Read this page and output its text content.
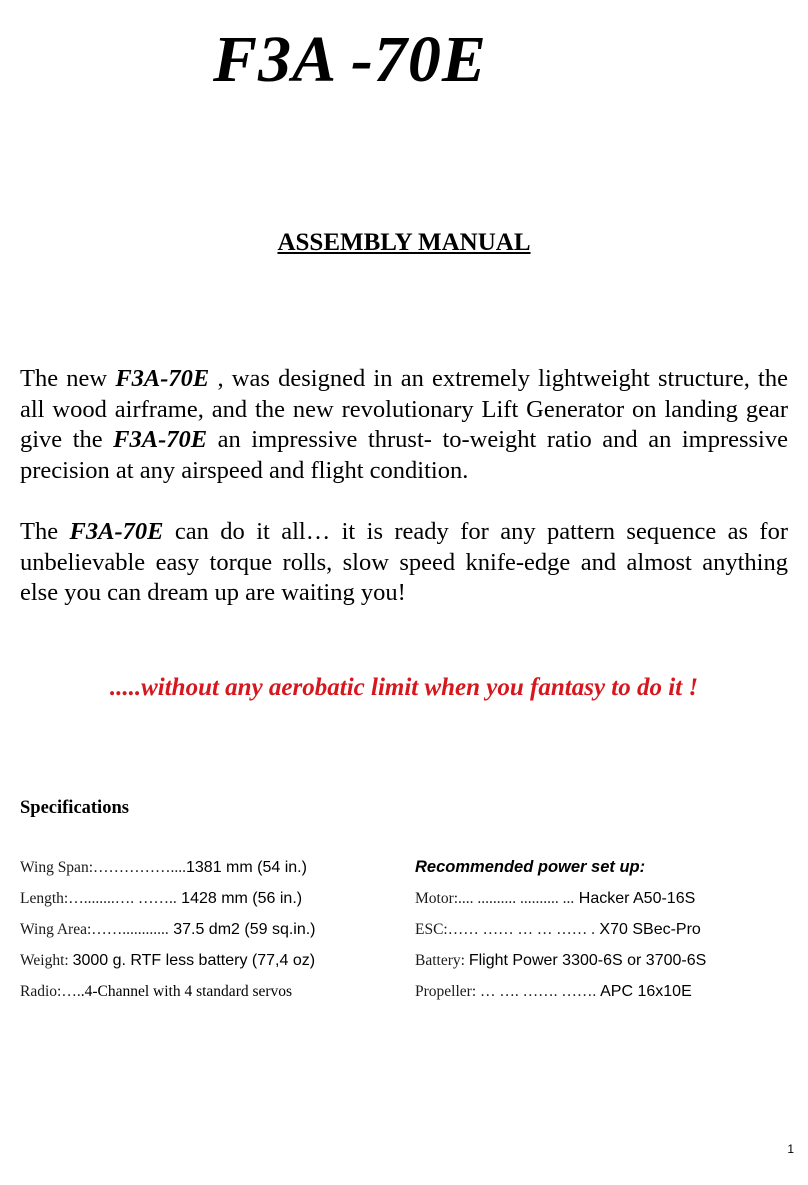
F3A -70E
ASSEMBLY MANUAL

The new F3A-70E , was designed in an extremely lightweight structure, the all wood airframe, and the new revolutionary Lift Generator on landing gear give the F3A-70E an impressive thrust- to-weight ratio and an impressive precision at any airspeed and flight condition.

The F3A-70E can do it all… it is ready for any pattern sequence as for unbelievable easy torque rolls, slow speed knife-edge and almost anything else you can dream up are waiting you!

.....without any aerobatic limit when you fantasy to do it !
Specifications
Wing Span:……………....1381 mm (54 in.)
Length:…........…. …….. 1428 mm (56 in.)
Wing Area:……............ 37.5 dm2 (59 sq.in.)
Weight: 3000 g. RTF less battery (77,4 oz)
Radio:…..4-Channel with 4 standard servos
Recommended power set up:
Motor:.... .......... .......... ... Hacker A50-16S
ESC:…… …… … … …… . X70 SBec-Pro
Battery: Flight Power 3300-6S or 3700-6S
Propeller: … …. ……. ……. APC 16x10E
1
